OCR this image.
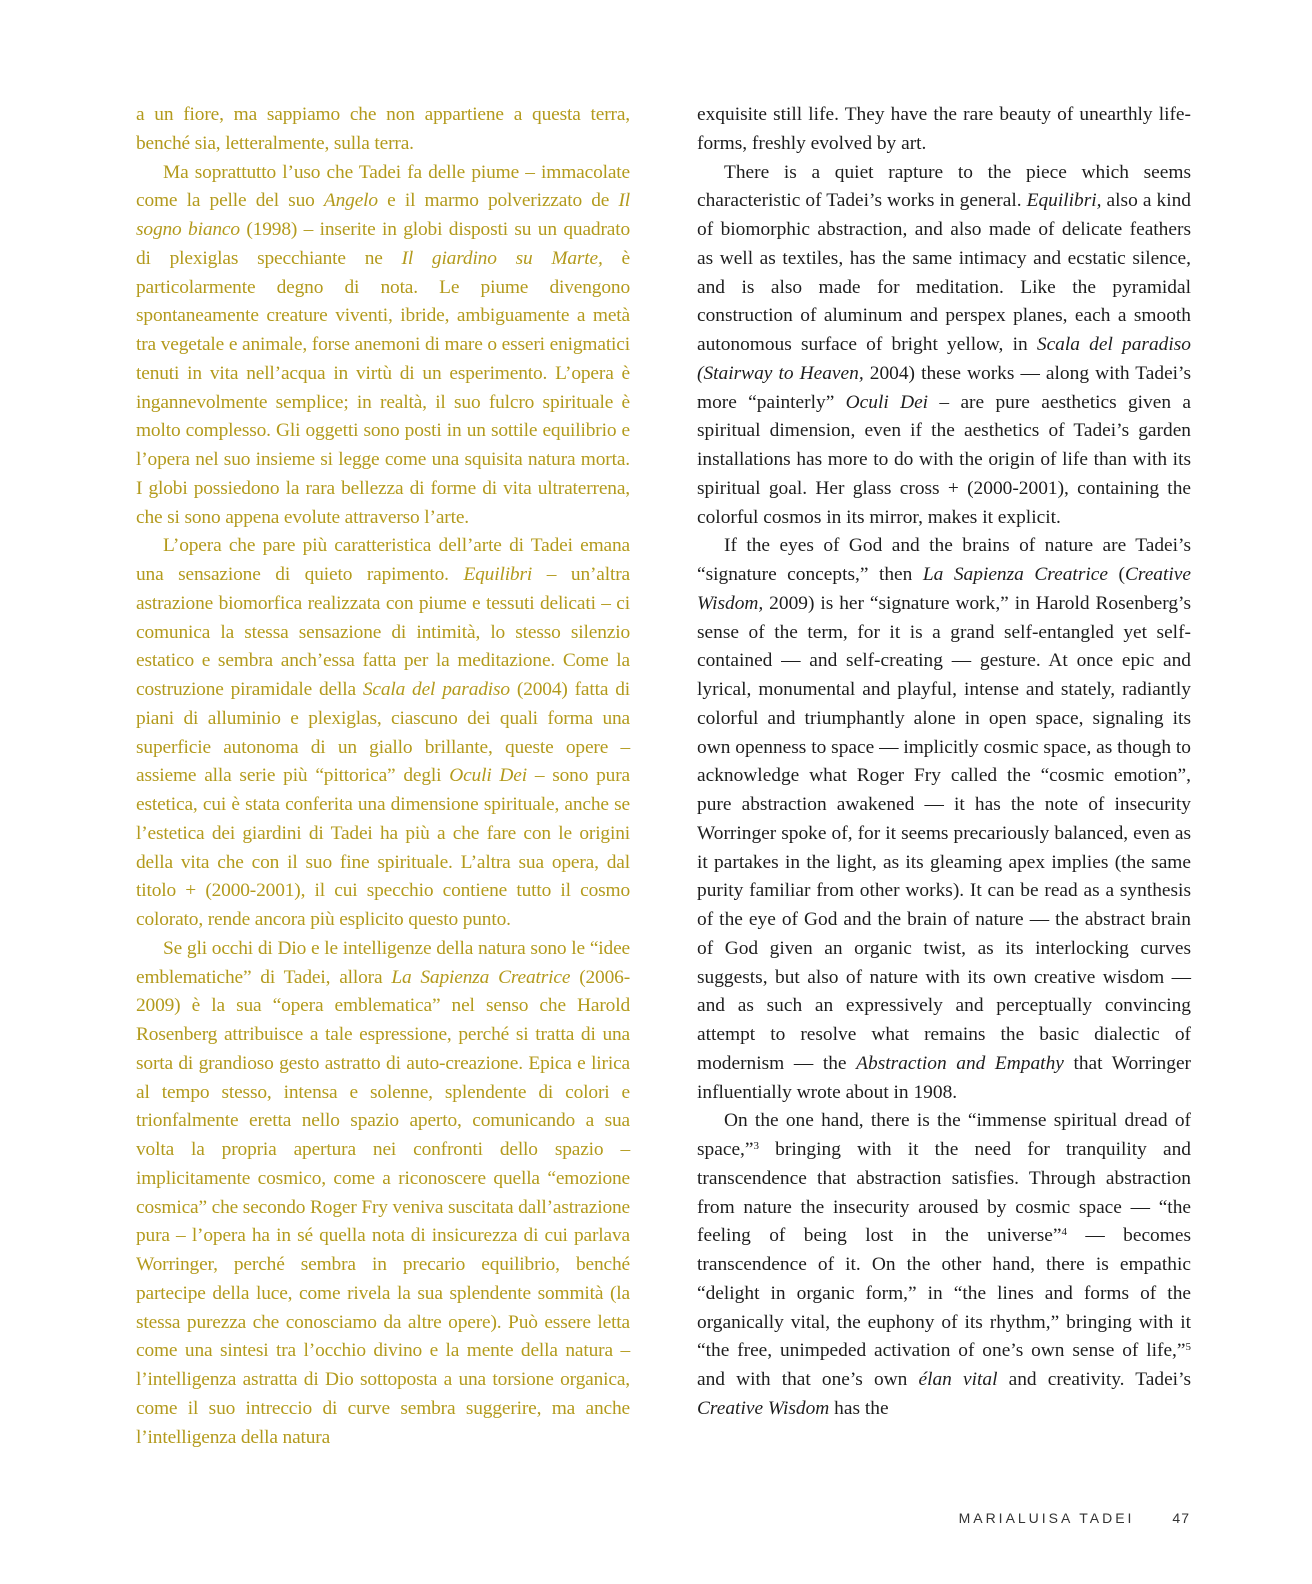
a un fiore, ma sappiamo che non appartiene a questa terra, benché sia, letteralmente, sulla terra.

Ma soprattutto l’uso che Tadei fa delle piume – immacolate come la pelle del suo Angelo e il marmo polverizzato de Il sogno bianco (1998) – inserite in globi disposti su un quadrato di plexiglas specchiante ne Il giardino su Marte, è particolarmente degno di nota. Le piume divengono spontaneamente creature viventi, ibride, ambiguamente a metà tra vegetale e animale, forse anemoni di mare o esseri enigmatici tenuti in vita nell’acqua in virtù di un esperimento. L’opera è ingannevolmente semplice; in realtà, il suo fulcro spirituale è molto complesso. Gli oggetti sono posti in un sottile equilibrio e l’opera nel suo insieme si legge come una squisita natura morta. I globi possiedono la rara bellezza di forme di vita ultraterrena, che si sono appena evolute attraverso l’arte.

L’opera che pare più caratteristica dell’arte di Tadei emana una sensazione di quieto rapimento. Equilibri – un’altra astrazione biomorfica realizzata con piume e tessuti delicati – ci comunica la stessa sensazione di intimità, lo stesso silenzio estatico e sembra anch’essa fatta per la meditazione. Come la costruzione piramidale della Scala del paradiso (2004) fatta di piani di alluminio e plexiglas, ciascuno dei quali forma una superficie autonoma di un giallo brillante, queste opere – assieme alla serie più “pittorica” degli Oculi Dei – sono pura estetica, cui è stata conferita una dimensione spirituale, anche se l’estetica dei giardini di Tadei ha più a che fare con le origini della vita che con il suo fine spirituale. L’altra sua opera, dal titolo + (2000-2001), il cui specchio contiene tutto il cosmo colorato, rende ancora più esplicito questo punto.

Se gli occhi di Dio e le intelligenze della natura sono le “idee emblematiche” di Tadei, allora La Sapienza Creatrice (2006-2009) è la sua “opera emblematica” nel senso che Harold Rosenberg attribuisce a tale espressione, perché si tratta di una sorta di grandioso gesto astratto di auto-creazione. Epica e lirica al tempo stesso, intensa e solenne, splendente di colori e trionfalmente eretta nello spazio aperto, comunicando a sua volta la propria apertura nei confronti dello spazio – implicitamente cosmico, come a riconoscere quella “emozione cosmica” che secondo Roger Fry veniva suscitata dall’astrazione pura – l’opera ha in sé quella nota di insicurezza di cui parlava Worringer, perché sembra in precario equilibrio, benché partecipe della luce, come rivela la sua splendente sommità (la stessa purezza che conosciamo da altre opere). Può essere letta come una sintesi tra l’occhio divino e la mente della natura – l’intelligenza astratta di Dio sottoposta a una torsione organica, come il suo intreccio di curve sembra suggerire, ma anche l’intelligenza della natura

exquisite still life. They have the rare beauty of unearthly life-forms, freshly evolved by art.

There is a quiet rapture to the piece which seems characteristic of Tadei’s works in general. Equilibri, also a kind of biomorphic abstraction, and also made of delicate feathers as well as textiles, has the same intimacy and ecstatic silence, and is also made for meditation. Like the pyramidal construction of aluminum and perspex planes, each a smooth autonomous surface of bright yellow, in Scala del paradiso (Stairway to Heaven, 2004) these works — along with Tadei’s more “painterly” Oculi Dei – are pure aesthetics given a spiritual dimension, even if the aesthetics of Tadei’s garden installations has more to do with the origin of life than with its spiritual goal. Her glass cross + (2000-2001), containing the colorful cosmos in its mirror, makes it explicit.

If the eyes of God and the brains of nature are Tadei’s “signature concepts,” then La Sapienza Creatrice (Creative Wisdom, 2009) is her “signature work,” in Harold Rosenberg’s sense of the term, for it is a grand self-entangled yet self-contained — and self-creating — gesture. At once epic and lyrical, monumental and playful, intense and stately, radiantly colorful and triumphantly alone in open space, signaling its own openness to space — implicitly cosmic space, as though to acknowledge what Roger Fry called the “cosmic emotion”, pure abstraction awakened — it has the note of insecurity Worringer spoke of, for it seems precariously balanced, even as it partakes in the light, as its gleaming apex implies (the same purity familiar from other works). It can be read as a synthesis of the eye of God and the brain of nature — the abstract brain of God given an organic twist, as its interlocking curves suggests, but also of nature with its own creative wisdom — and as such an expressively and perceptually convincing attempt to resolve what remains the basic dialectic of modernism — the Abstraction and Empathy that Worringer influentially wrote about in 1908.

On the one hand, there is the “immense spiritual dread of space,”$^3$ bringing with it the need for tranquility and transcendence that abstraction satisfies. Through abstraction from nature the insecurity aroused by cosmic space — “the feeling of being lost in the universe”$^4$ — becomes transcendence of it. On the other hand, there is empathic “delight in organic form,” in “the lines and forms of the organically vital, the euphony of its rhythm,” bringing with it “the free, unimpeded activation of one’s own sense of life,”$^5$ and with that one’s own élan vital and creativity. Tadei’s Creative Wisdom has the

MARIALUISA TADEI	47
